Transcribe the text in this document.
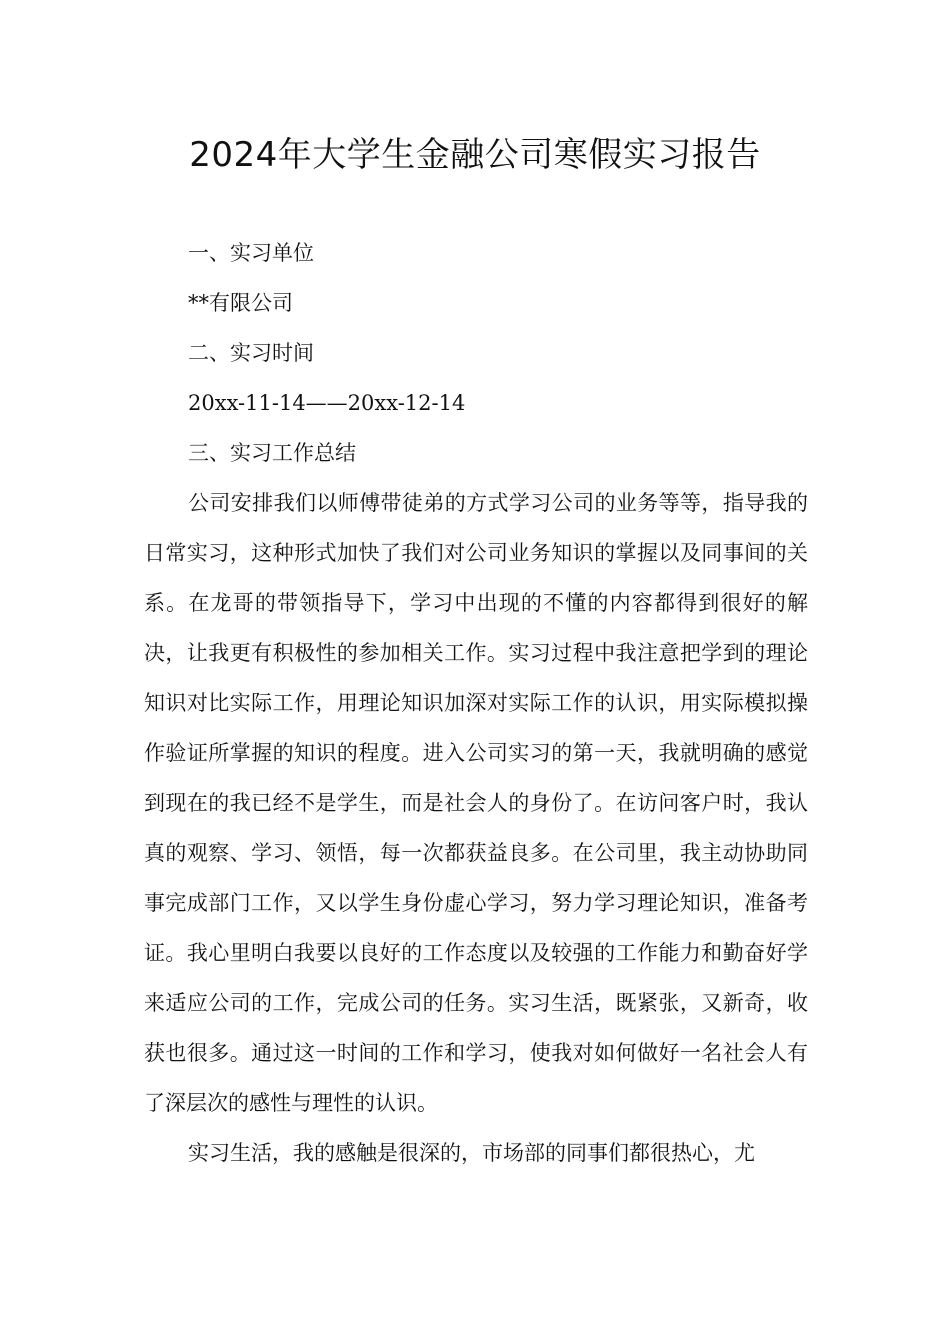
2024年大学生金融公司寒假实习报告

一、实习单位

**有限公司

二、实习时间

20xx-11-14——20xx-12-14

三、实习工作总结

公司安排我们以师傅带徒弟的方式学习公司的业务等等，指导我的日常实习，这种形式加快了我们对公司业务知识的掌握以及同事间的关系。在龙哥的带领指导下，学习中出现的不懂的内容都得到很好的解决，让我更有积极性的参加相关工作。实习过程中我注意把学到的理论知识对比实际工作，用理论知识加深对实际工作的认识，用实际模拟操作验证所掌握的知识的程度。进入公司实习的第一天，我就明确的感觉到现在的我已经不是学生，而是社会人的身份了。在访问客户时，我认真的观察、学习、领悟，每一次都获益良多。在公司里，我主动协助同事完成部门工作，又以学生身份虚心学习，努力学习理论知识，准备考证。我心里明白我要以良好的工作态度以及较强的工作能力和勤奋好学来适应公司的工作，完成公司的任务。实习生活，既紧张，又新奇，收获也很多。通过这一时间的工作和学习，使我对如何做好一名社会人有了深层次的感性与理性的认识。

实习生活，我的感触是很深的，市场部的同事们都很热心，尤
